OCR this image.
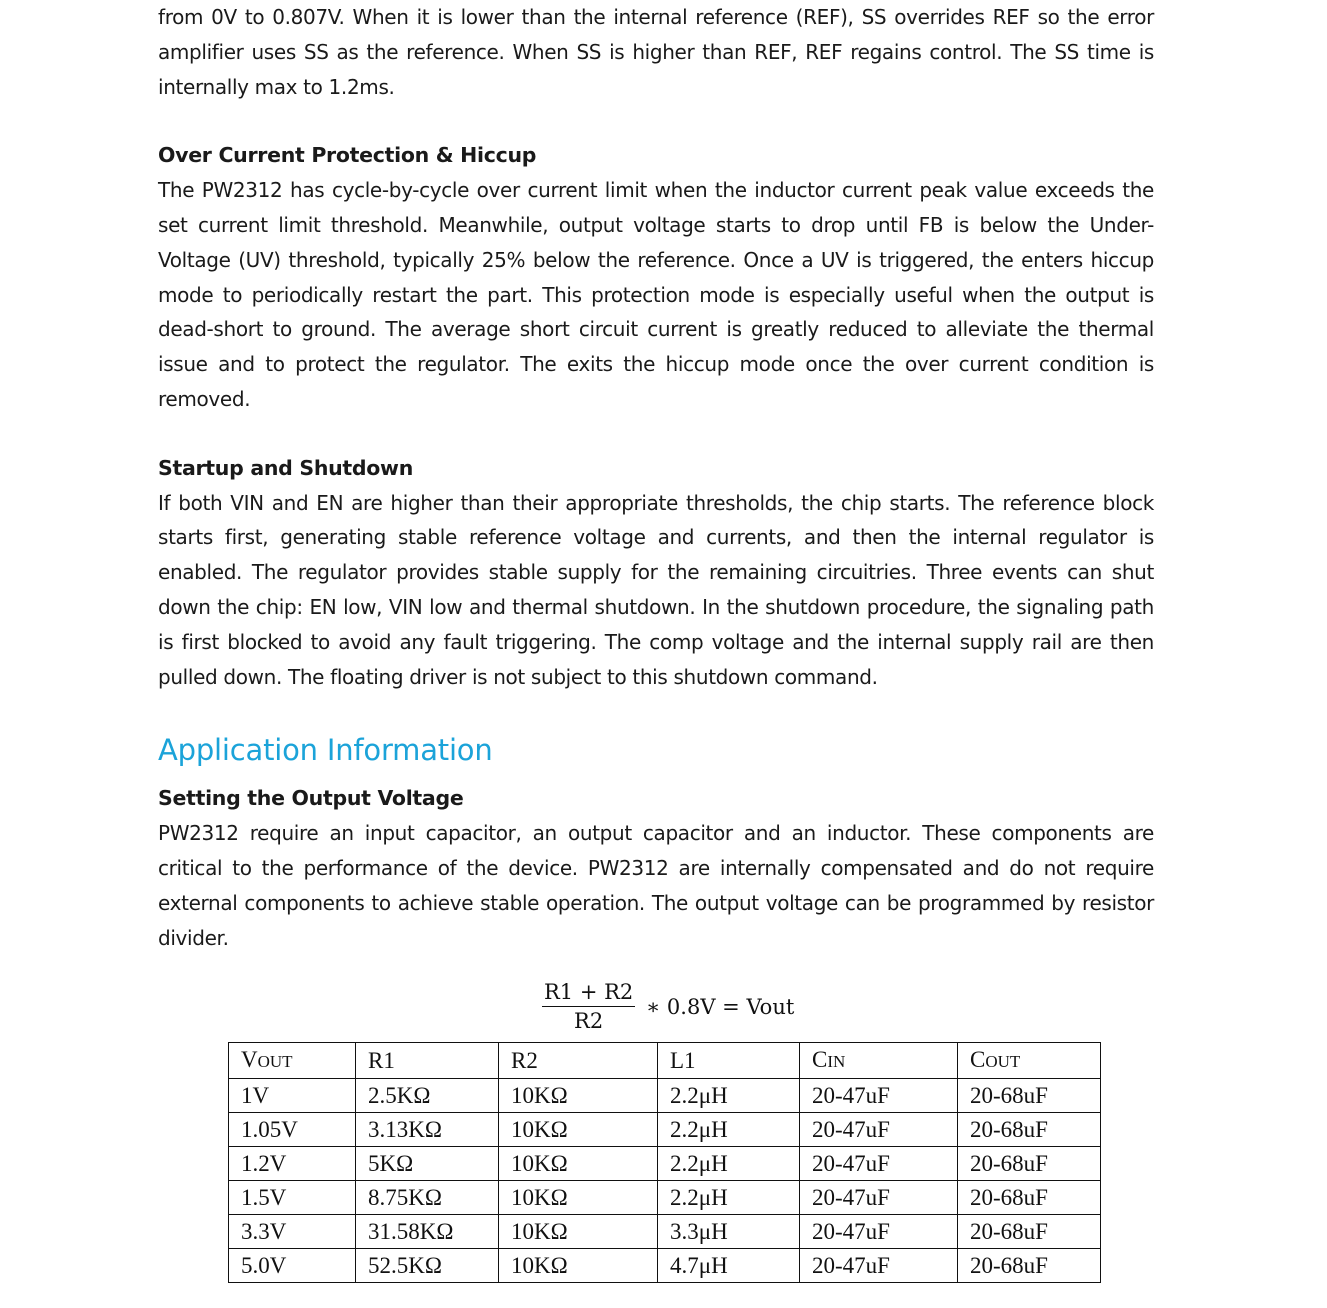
from 0V to 0.807V. When it is lower than the internal reference (REF), SS overrides REF so the error amplifier uses SS as the reference. When SS is higher than REF, REF regains control. The SS time is internally max to 1.2ms.

Over Current Protection & Hiccup

The PW2312 has cycle-by-cycle over current limit when the inductor current peak value exceeds the set current limit threshold. Meanwhile, output voltage starts to drop until FB is below the Under-Voltage (UV) threshold, typically 25% below the reference. Once a UV is triggered, the enters hiccup mode to periodically restart the part. This protection mode is especially useful when the output is dead-short to ground. The average short circuit current is greatly reduced to alleviate the thermal issue and to protect the regulator. The exits the hiccup mode once the over current condition is removed.

Startup and Shutdown

If both VIN and EN are higher than their appropriate thresholds, the chip starts. The reference block starts first, generating stable reference voltage and currents, and then the internal regulator is enabled. The regulator provides stable supply for the remaining circuitries. Three events can shut down the chip: EN low, VIN low and thermal shutdown. In the shutdown procedure, the signaling path is first blocked to avoid any fault triggering. The comp voltage and the internal supply rail are then pulled down. The floating driver is not subject to this shutdown command.

Application Information

Setting the Output Voltage

PW2312 require an input capacitor, an output capacitor and an inductor. These components are critical to the performance of the device. PW2312 are internally compensated and do not require external components to achieve stable operation. The output voltage can be programmed by resistor divider.

$\frac{R1 + R2}{R2}$ ∗ 0.8V = Vout
VOUT	R1	R2	L1	CIN	COUT
1V	2.5KΩ	10KΩ	2.2μH	20-47uF	20-68uF
1.05V	3.13KΩ	10KΩ	2.2μH	20-47uF	20-68uF
1.2V	5KΩ	10KΩ	2.2μH	20-47uF	20-68uF
1.5V	8.75KΩ	10KΩ	2.2μH	20-47uF	20-68uF
3.3V	31.58KΩ	10KΩ	3.3μH	20-47uF	20-68uF
5.0V	52.5KΩ	10KΩ	4.7μH	20-47uF	20-68uF
